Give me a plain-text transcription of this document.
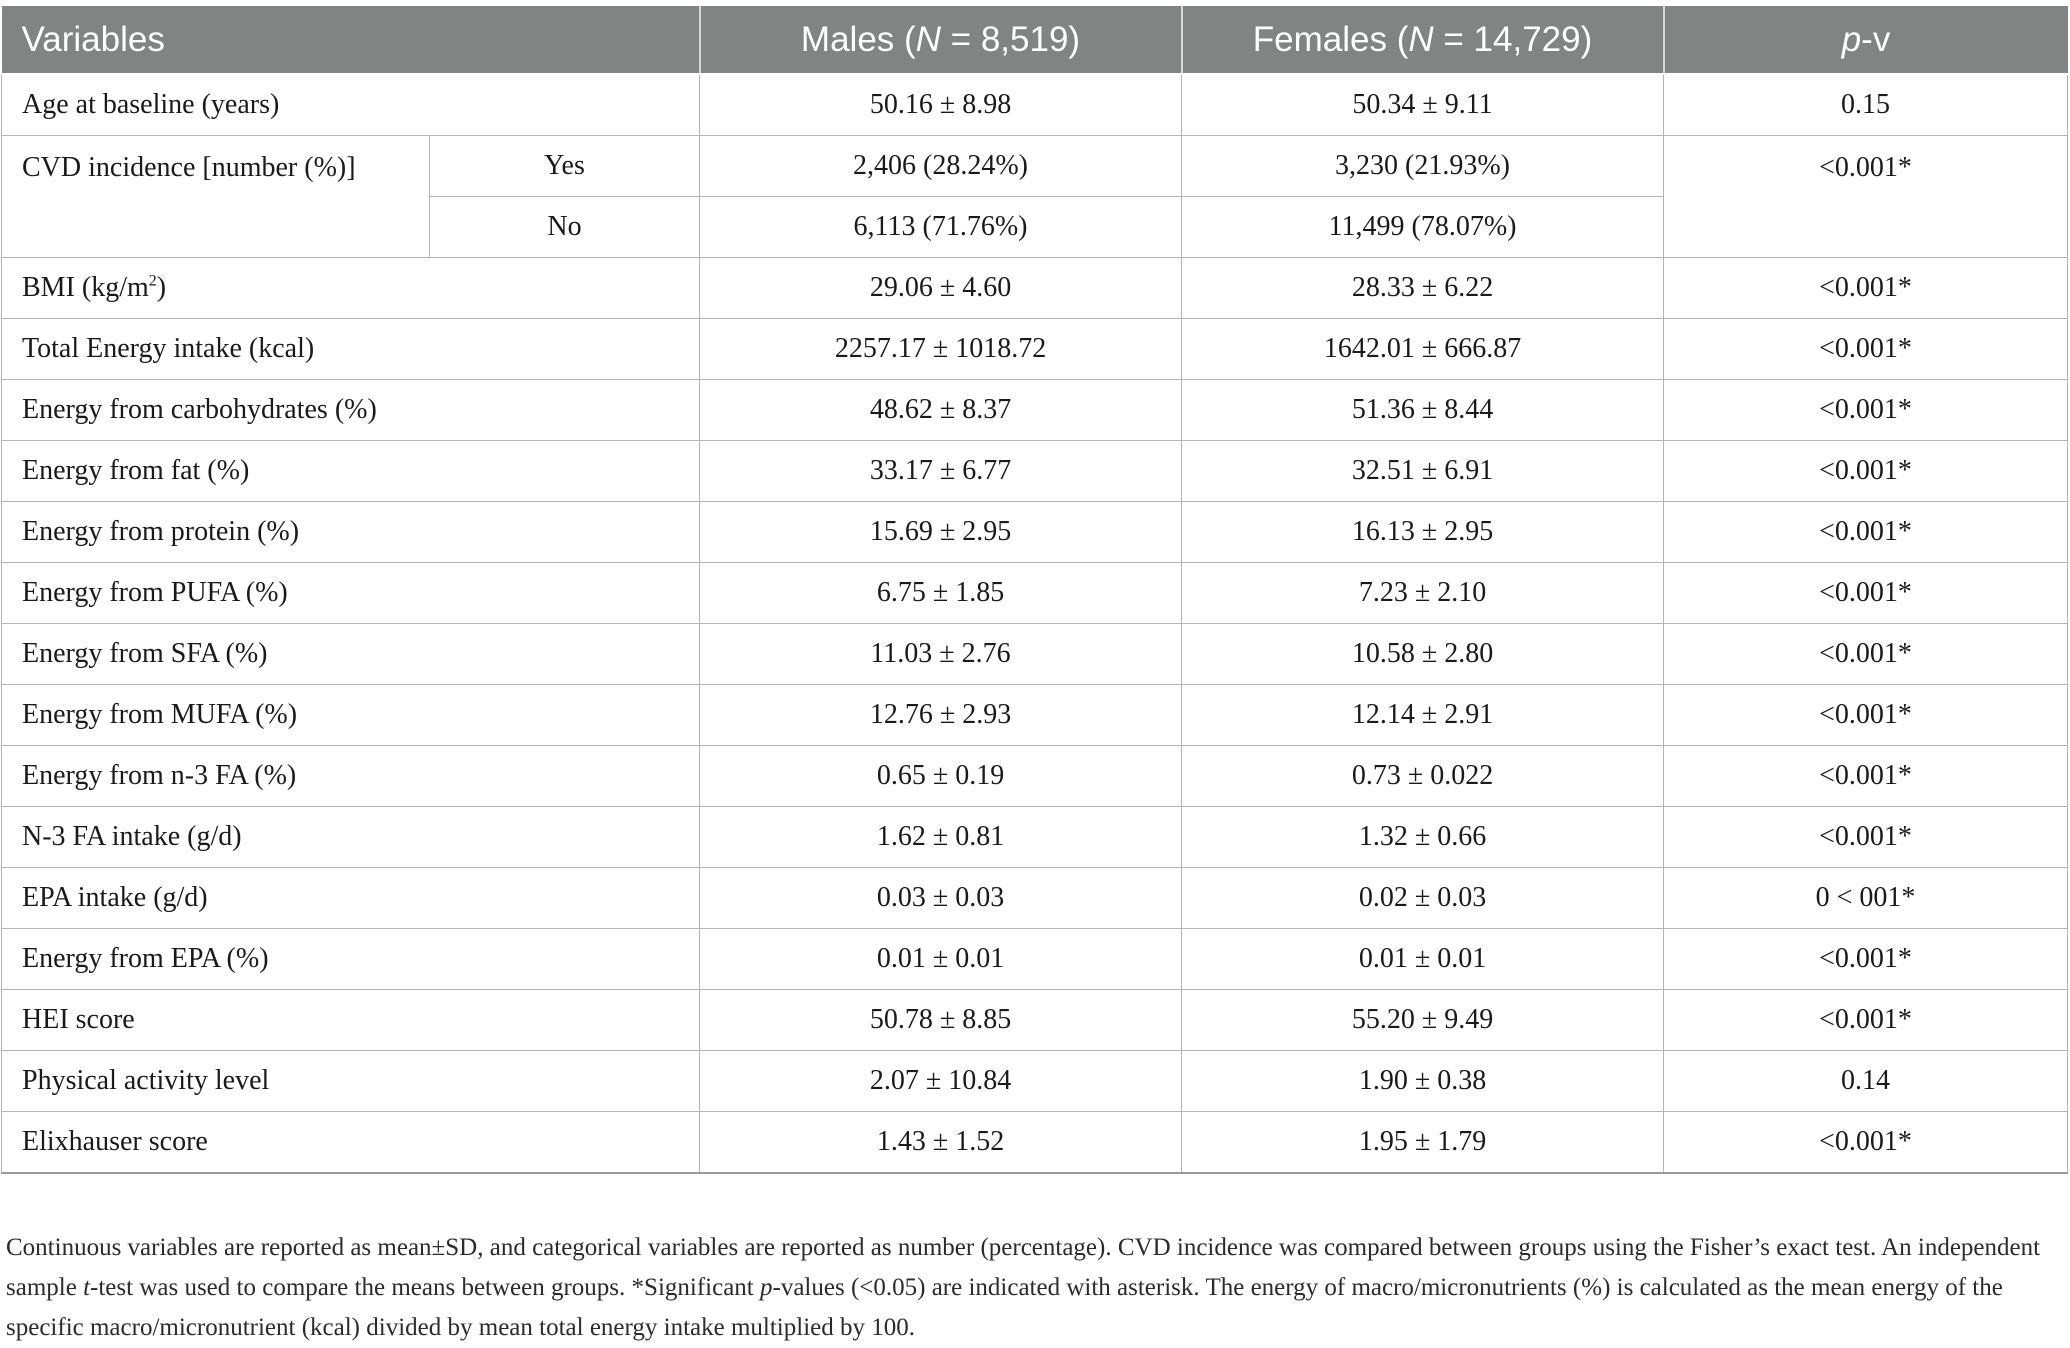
Variables		Males (N = 8,519)	Females (N = 14,729)	p-v
Age at baseline (years)		50.16 ± 8.98	50.34 ± 9.11	0.15
CVD incidence [number (%)]	Yes	2,406 (28.24%)	3,230 (21.93%)	<0.001*
	No	6,113 (71.76%)	11,499 (78.07%)	
BMI $(kg/m^2)$		29.06 ± 4.60	28.33 ± 6.22	<0.001*
Total Energy intake (kcal)		2257.17 ± 1018.72	1642.01 ± 666.87	<0.001*
Energy from carbohydrates (%)		48.62 ± 8.37	51.36 ± 8.44	<0.001*
Energy from fat (%)		33.17 ± 6.77	32.51 ± 6.91	<0.001*
Energy from protein (%)		15.69 ± 2.95	16.13 ± 2.95	<0.001*
Energy from PUFA (%)		6.75 ± 1.85	7.23 ± 2.10	<0.001*
Energy from SFA (%)		11.03 ± 2.76	10.58 ± 2.80	<0.001*
Energy from MUFA (%)		12.76 ± 2.93	12.14 ± 2.91	<0.001*
Energy from n-3 FA (%)		0.65 ± 0.19	0.73 ± 0.022	<0.001*
N-3 FA intake (g/d)		1.62 ± 0.81	1.32 ± 0.66	<0.001*
EPA intake (g/d)		0.03 ± 0.03	0.02 ± 0.03	0 < 001*
Energy from EPA (%)		0.01 ± 0.01	0.01 ± 0.01	<0.001*
HEI score		50.78 ± 8.85	55.20 ± 9.49	<0.001*
Physical activity level		2.07 ± 10.84	1.90 ± 0.38	0.14
Elixhauser score		1.43 ± 1.52	1.95 ± 1.79	<0.001*
Continuous variables are reported as mean±SD, and categorical variables are reported as number (percentage). CVD incidence was compared between groups using the Fisher’s exact test. An independent sample t-test was used to compare the means between groups. *Significant p-values (<0.05) are indicated with asterisk. The energy of macro/micronutrients (%) is calculated as the mean energy of the specific macro/micronutrient (kcal) divided by mean total energy intake multiplied by 100.
